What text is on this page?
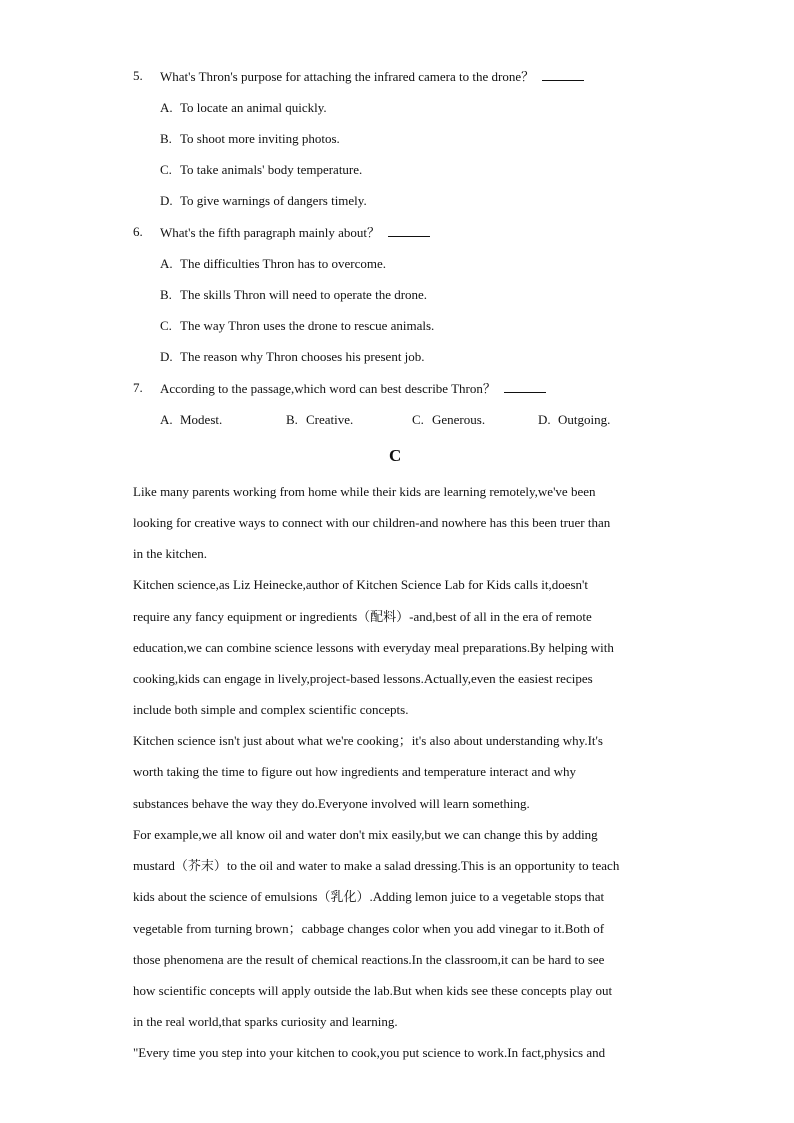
5. What's Thron's purpose for attaching the infrared camera to the drone？
A. To locate an animal quickly.
B. To shoot more inviting photos.
C. To take animals' body temperature.
D. To give warnings of dangers timely.
6. What's the fifth paragraph mainly about？
A. The difficulties Thron has to overcome.
B. The skills Thron will need to operate the drone.
C. The way Thron uses the drone to rescue animals.
D. The reason why Thron chooses his present job.
7. According to the passage,which word can best describe Thron？
A. Modest.	B. Creative.	C. Generous.	D. Outgoing.
C
Like many parents working from home while their kids are learning remotely,we've been
looking for creative ways to connect with our children-and nowhere has this been truer than
in the kitchen.
Kitchen science,as Liz Heinecke,author of Kitchen Science Lab for Kids calls it,doesn't
require any fancy equipment or ingredients（配料）-and,best of all in the era of remote
education,we can combine science lessons with everyday meal preparations.By helping with
cooking,kids can engage in lively,project-based lessons.Actually,even the easiest recipes
include both simple and complex scientific concepts.
Kitchen science isn't just about what we're cooking；it's also about understanding why.It's
worth taking the time to figure out how ingredients and temperature interact and why
substances behave the way they do.Everyone involved will learn something.
For example,we all know oil and water don't mix easily,but we can change this by adding
mustard（芥末）to the oil and water to make a salad dressing.This is an opportunity to teach
kids about the science of emulsions（乳化）.Adding lemon juice to a vegetable stops that
vegetable from turning brown；cabbage changes color when you add vinegar to it.Both of
those phenomena are the result of chemical reactions.In the classroom,it can be hard to see
how scientific concepts will apply outside the lab.But when kids see these concepts play out
in the real world,that sparks curiosity and learning.
"Every time you step into your kitchen to cook,you put science to work.In fact,physics and
